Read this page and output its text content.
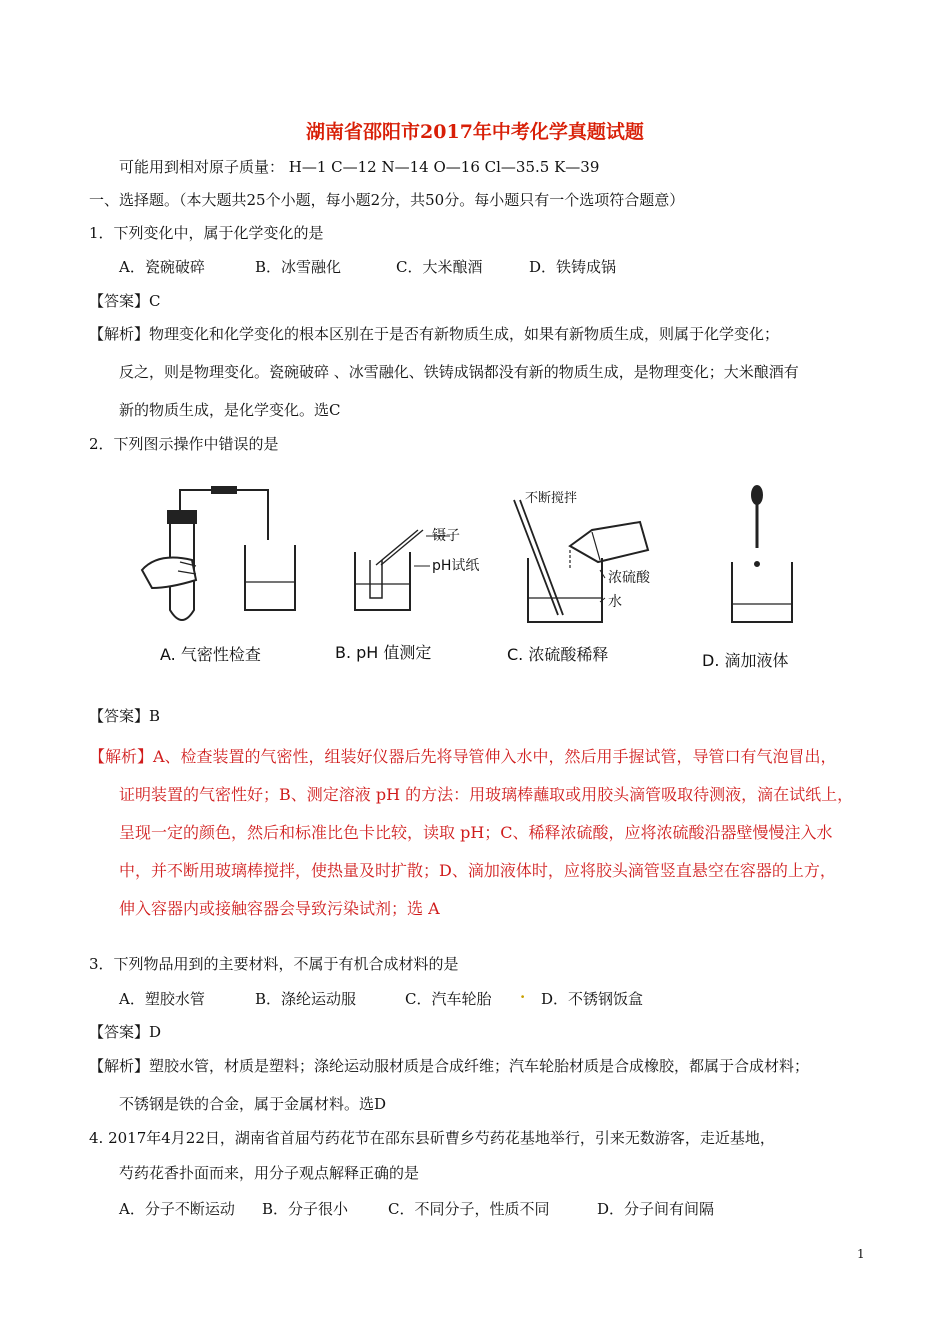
湖南省邵阳市2017年中考化学真题试题
可能用到相对原子质量： H—1 C—12 N—14 O—16 Cl—35.5 K—39
一、选择题。（本大题共25个小题，每小题2分，共50分。每小题只有一个选项符合题意）
1．下列变化中，属于化学变化的是
A．瓷碗破碎	B．冰雪融化	C．大米酿酒	D．铁铸成锅
【答案】C
【解析】物理变化和化学变化的根本区别在于是否有新物质生成，如果有新物质生成，则属于化学变化；
反之，则是物理变化。瓷碗破碎 、冰雪融化、铁铸成锅都没有新的物质生成，是物理变化；大米酿酒有
新的物质生成，是化学变化。选C
2．下列图示操作中错误的是
镊子
pH试纸
不断搅拌
浓硫酸
水
A. 气密性检查	B. pH 值测定	C. 浓硫酸稀释	D. 滴加液体
【答案】B
【解析】A、检查装置的气密性，组装好仪器后先将导管伸入水中，然后用手握试管，导管口有气泡冒出，
证明装置的气密性好；B、测定溶液 pH 的方法：用玻璃棒蘸取或用胶头滴管吸取待测液，滴在试纸上，
呈现一定的颜色，然后和标准比色卡比较，读取 pH；C、稀释浓硫酸，应将浓硫酸沿器壁慢慢注入水
中，并不断用玻璃棒搅拌，使热量及时扩散；D、滴加液体时，应将胶头滴管竖直悬空在容器的上方，
伸入容器内或接触容器会导致污染试剂；选 A
3．下列物品用到的主要材料，不属于有机合成材料的是
A．塑胶水管	B．涤纶运动服	C．汽车轮胎 . D．不锈钢饭盒
【答案】D
【解析】塑胶水管，材质是塑料；涤纶运动服材质是合成纤维；汽车轮胎材质是合成橡胶，都属于合成材料；
不锈钢是铁的合金，属于金属材料。选D
4. 2017年4月22日，湖南省首届芍药花节在邵东县斫曹乡芍药花基地举行，引来无数游客，走近基地，
芍药花香扑面而来，用分子观点解释正确的是
A．分子不断运动 B．分子很小	C．不同分子，性质不同	D．分子间有间隔
1
